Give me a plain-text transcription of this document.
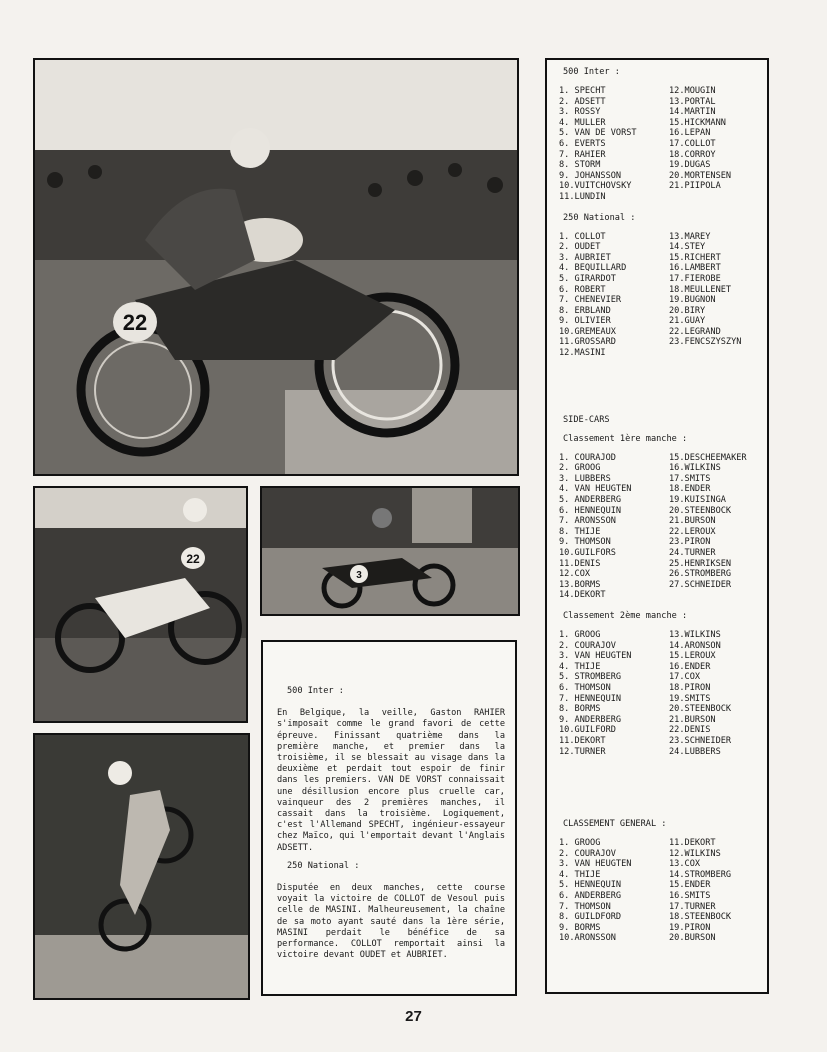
22
22
3

500 Inter :

En Belgique, la veille, Gaston RAHIER s'imposait comme le grand favori de cette épreuve. Finissant quatrième dans la première manche, et premier dans la troisième, il se blessait au visage dans la deuxième et perdait tout espoir de finir dans les premiers. VAN DE VORST connaissait une désillusion encore plus cruelle car, vainqueur des 2 premières manches, il cassait dans la troisième. Logiquement, c'est l'Allemand SPECHT, ingénieur-essayeur chez Maïco, qui l'emportait devant l'Anglais ADSETT.

250 National :

Disputée en deux manches, cette course voyait la victoire de COLLOT de Vesoul puis celle de MASINI. Malheureusement, la chaîne de sa moto ayant sauté dans la 1ère série, MASINI perdait le bénéfice de sa performance. COLLOT remportait ainsi la victoire devant OUDET et AUBRIET.

500 Inter :
1. SPECHT
2. ADSETT
3. ROSSY
4. MULLER
5. VAN DE VORST
6. EVERTS
7. RAHIER
8. STORM
9. JOHANSSON
10.VUITCHOVSKY
11.LUNDIN
12.MOUGIN
13.PORTAL
14.MARTIN
15.HICKMANN
16.LEPAN
17.COLLOT
18.CORROY
19.DUGAS
20.MORTENSEN
21.PIIPOLA
250 National :
1. COLLOT
2. OUDET
3. AUBRIET
4. BEQUILLARD
5. GIRARDOT
6. ROBERT
7. CHENEVIER
8. ERBLAND
9. OLIVIER
10.GREMEAUX
11.GROSSARD
12.MASINI
13.MAREY
14.STEY
15.RICHERT
16.LAMBERT
17.FIEROBE
18.MEULLENET
19.BUGNON
20.BIRY
21.GUAY
22.LEGRAND
23.FENCSZYSZYN
SIDE-CARS
Classement 1ère manche :
1. COURAJOD
2. GROOG
3. LUBBERS
4. VAN HEUGTEN
5. ANDERBERG
6. HENNEQUIN
7. ARONSSON
8. THIJE
9. THOMSON
10.GUILFORS
11.DENIS
12.COX
13.BORMS
14.DEKORT
15.DESCHEEMAKER
16.WILKINS
17.SMITS
18.ENDER
19.KUISINGA
20.STEENBOCK
21.BURSON
22.LEROUX
23.PIRON
24.TURNER
25.HENRIKSEN
26.STROMBERG
27.SCHNEIDER
Classement 2ème manche :
1. GROOG
2. COURAJOV
3. VAN HEUGTEN
4. THIJE
5. STROMBERG
6. THOMSON
7. HENNEQUIN
8. BORMS
9. ANDERBERG
10.GUILFORD
11.DEKORT
12.TURNER
13.WILKINS
14.ARONSON
15.LEROUX
16.ENDER
17.COX
18.PIRON
19.SMITS
20.STEENBOCK
21.BURSON
22.DENIS
23.SCHNEIDER
24.LUBBERS
CLASSEMENT GENERAL :
1. GROOG
2. COURAJOV
3. VAN HEUGTEN
4. THIJE
5. HENNEQUIN
6. ANDERBERG
7. THOMSON
8. GUILDFORD
9. BORMS
10.ARONSSON
11.DEKORT
12.WILKINS
13.COX
14.STROMBERG
15.ENDER
16.SMITS
17.TURNER
18.STEENBOCK
19.PIRON
20.BURSON
27
